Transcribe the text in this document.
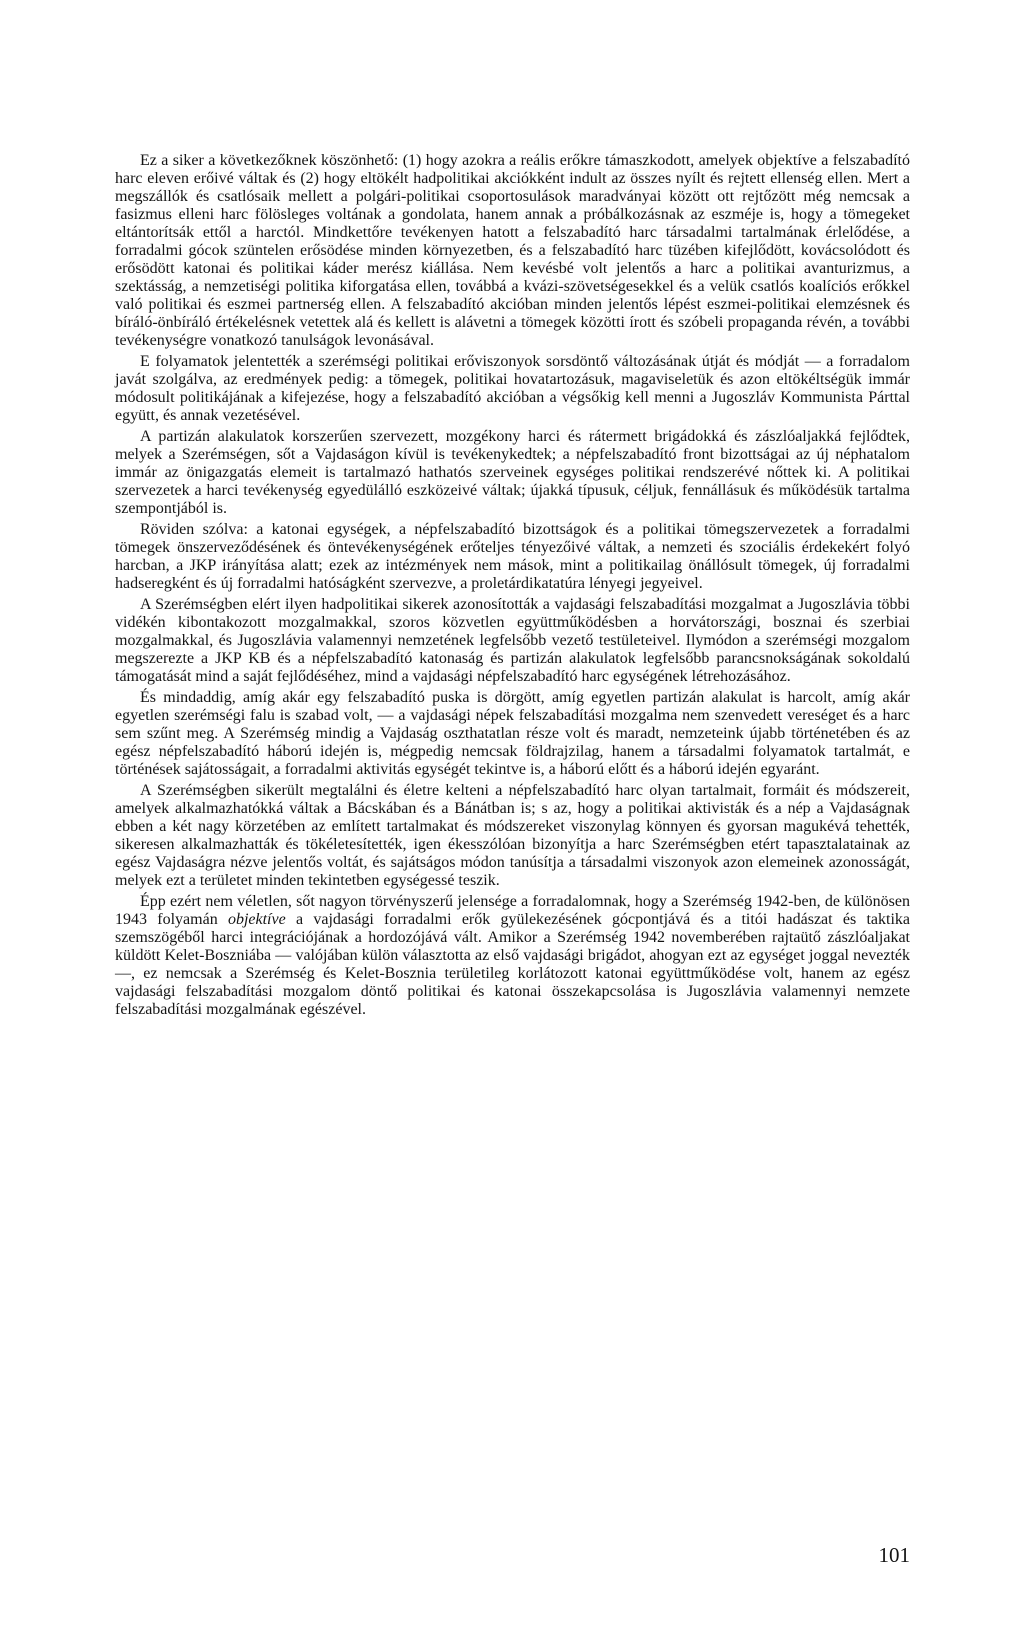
Ez a siker a következőknek köszönhető: (1) hogy azokra a reális erőkre támaszkodott, amelyek objektíve a felszabadító harc eleven erőivé váltak és (2) hogy eltökélt hadpolitikai akciókként indult az összes nyílt és rejtett ellenség ellen. Mert a megszállók és csatlósaik mellett a polgári-politikai csoportosulások maradványai között ott rejtőzött még nemcsak a fasizmus elleni harc fölösleges voltának a gondolata, hanem annak a próbálkozásnak az eszméje is, hogy a tömegeket eltántorítsák ettől a harctól. Mindkettőre tevékenyen hatott a felszabadító harc társadalmi tartalmának érlelődése, a forradalmi gócok szüntelen erősödése minden környezetben, és a felszabadító harc tüzében kifejlődött, kovácsolódott és erősödött katonai és politikai káder merész kiállása. Nem kevésbé volt jelentős a harc a politikai avanturizmus, a szektásság, a nemzetiségi politika kiforgatása ellen, továbbá a kvázi-szövetségesekkel és a velük csatlós koalíciós erőkkel való politikai és eszmei partnerség ellen. A felszabadító akcióban minden jelentős lépést eszmei-politikai elemzésnek és bíráló-önbíráló értékelésnek vetettek alá és kellett is alávetni a tömegek közötti írott és szóbeli propaganda révén, a további tevékenységre vonatkozó tanulságok levonásával.

E folyamatok jelentették a szerémségi politikai erőviszonyok sorsdöntő változásának útját és módját — a forradalom javát szolgálva, az eredmények pedig: a tömegek, politikai hovatartozásuk, magaviseletük és azon eltökéltségük immár módosult politikájának a kifejezése, hogy a felszabadító akcióban a végsőkig kell menni a Jugoszláv Kommunista Párttal együtt, és annak vezetésével.

A partizán alakulatok korszerűen szervezett, mozgékony harci és rátermett brigádokká és zászlóaljakká fejlődtek, melyek a Szerémségen, sőt a Vajdaságon kívül is tevékenykedtek; a népfelszabadító front bizottságai az új néphatalom immár az önigazgatás elemeit is tartalmazó hathatós szerveinek egységes politikai rendszerévé nőttek ki. A politikai szervezetek a harci tevékenység egyedülálló eszközeivé váltak; újakká típusuk, céljuk, fennállásuk és működésük tartalma szempontjából is.

Röviden szólva: a katonai egységek, a népfelszabadító bizottságok és a politikai tömegszervezetek a forradalmi tömegek önszerveződésének és öntevékenységének erőteljes tényezőivé váltak, a nemzeti és szociális érdekekért folyó harcban, a JKP irányítása alatt; ezek az intézmények nem mások, mint a politikailag önállósult tömegek, új forradalmi hadseregként és új forradalmi hatóságként szervezve, a proletárdikatatúra lényegi jegyeivel.

A Szerémségben elért ilyen hadpolitikai sikerek azonosították a vajdasági felszabadítási mozgalmat a Jugoszlávia többi vidékén kibontakozott mozgalmakkal, szoros közvetlen együttműködésben a horvátországi, bosznai és szerbiai mozgalmakkal, és Jugoszlávia valamennyi nemzetének legfelsőbb vezető testületeivel. Ilymódon a szerémségi mozgalom megszerezte a JKP KB és a népfelszabadító katonaság és partizán alakulatok legfelsőbb parancsnokságának sokoldalú támogatását mind a saját fejlődéséhez, mind a vajdasági népfelszabadító harc egységének létrehozásához.

És mindaddig, amíg akár egy felszabadító puska is dörgött, amíg egyetlen partizán alakulat is harcolt, amíg akár egyetlen szerémségi falu is szabad volt, — a vajdasági népek felszabadítási mozgalma nem szenvedett vereséget és a harc sem szűnt meg. A Szerémség mindig a Vajdaság oszthatatlan része volt és maradt, nemzeteink újabb történetében és az egész népfelszabadító háború idején is, mégpedig nemcsak földrajzilag, hanem a társadalmi folyamatok tartalmát, e történések sajátosságait, a forradalmi aktivitás egységét tekintve is, a háború előtt és a háború idején egyaránt.

A Szerémségben sikerült megtalálni és életre kelteni a népfelszabadító harc olyan tartalmait, formáit és módszereit, amelyek alkalmazhatókká váltak a Bácskában és a Bánátban is; s az, hogy a politikai aktivisták és a nép a Vajdaságnak ebben a két nagy körzetében az említett tartalmakat és módszereket viszonylag könnyen és gyorsan magukévá tehették, sikeresen alkalmazhatták és tökéletesítették, igen ékesszólóan bizonyítja a harc Szerémségben etért tapasztalatainak az egész Vajdaságra nézve jelentős voltát, és sajátságos módon tanúsítja a társadalmi viszonyok azon elemeinek azonosságát, melyek ezt a területet minden tekintetben egységessé teszik.

Épp ezért nem véletlen, sőt nagyon törvényszerű jelensége a forradalomnak, hogy a Szerémség 1942-ben, de különösen 1943 folyamán objektíve a vajdasági forradalmi erők gyülekezésének gócpontjává és a titói hadászat és taktika szemszögéből harci integrációjának a hordozójává vált. Amikor a Szerémség 1942 novemberében rajtaütő zászlóaljakat küldött Kelet-Boszniába — valójában külön választotta az első vajdasági brigádot, ahogyan ezt az egységet joggal nevezték —, ez nemcsak a Szerémség és Kelet-Bosznia területileg korlátozott katonai együttműködése volt, hanem az egész vajdasági felszabadítási mozgalom döntő politikai és katonai összekapcsolása is Jugoszlávia valamennyi nemzete felszabadítási mozgalmának egészével.

101
